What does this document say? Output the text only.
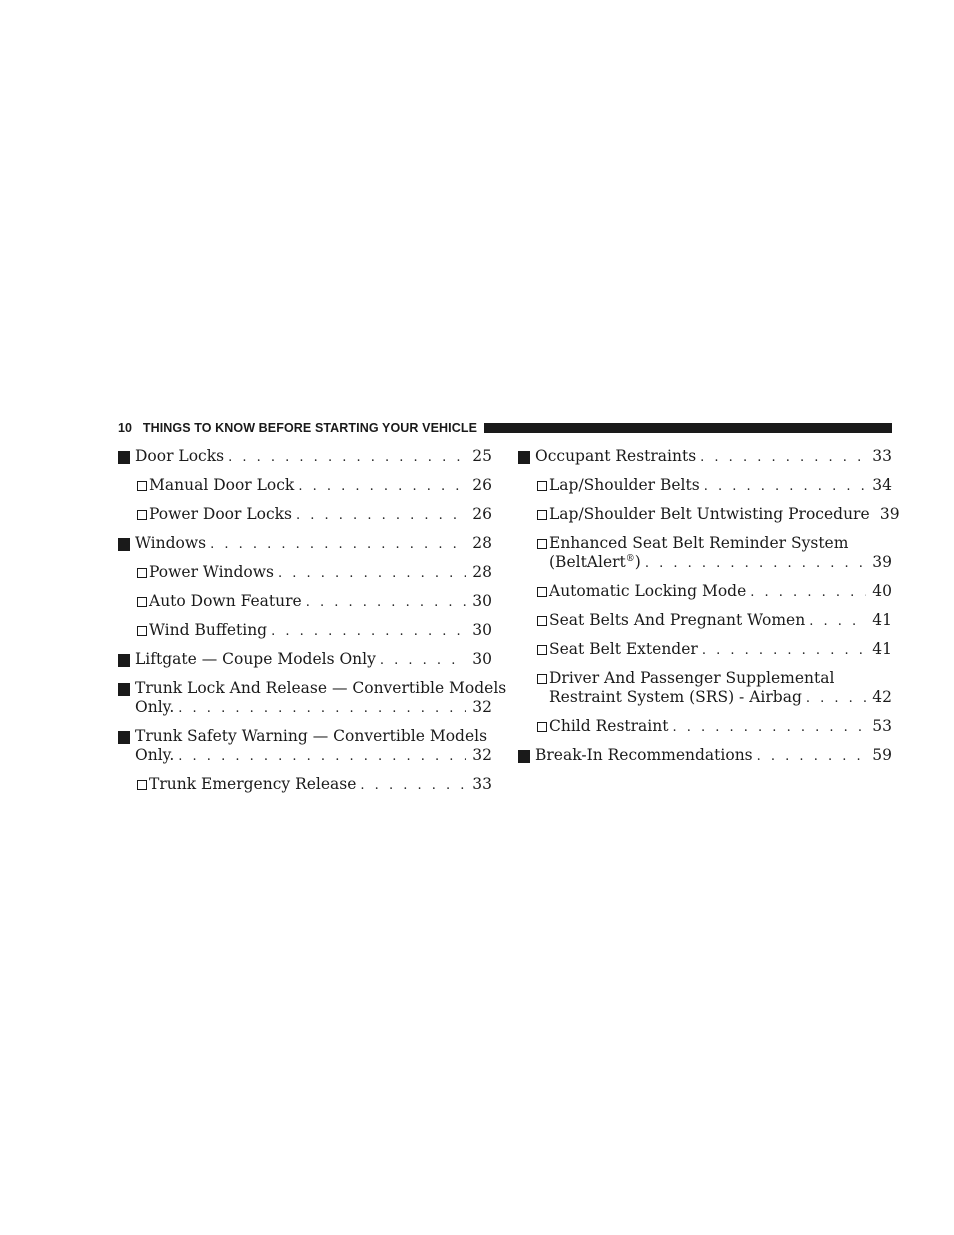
10 THINGS TO KNOW BEFORE STARTING YOUR VEHICLE
Door Locks . . .	25
Manual Door Lock . . .	26
Power Door Locks . . .	26
Windows . . .	28
Power Windows . . .	28
Auto Down Feature . . .	30
Wind Buffeting . . .	30
Liftgate — Coupe Models Only . . .	30
Trunk Lock And Release — Convertible Models
Only. . . .	32
Trunk Safety Warning — Convertible Models
Only. . . .	32
Trunk Emergency Release . . .	33
Occupant Restraints . . .	33
Lap/Shoulder Belts . . .	34
Lap/Shoulder Belt Untwisting Procedure 39
Enhanced Seat Belt Reminder System
(BeltAlert®) . . .	39
Automatic Locking Mode . . .	40
Seat Belts And Pregnant Women . . .	41
Seat Belt Extender . . .	41
Driver And Passenger Supplemental
Restraint System (SRS) - Airbag . . .	42
Child Restraint . . .	53
Break-In Recommendations . . .	59
